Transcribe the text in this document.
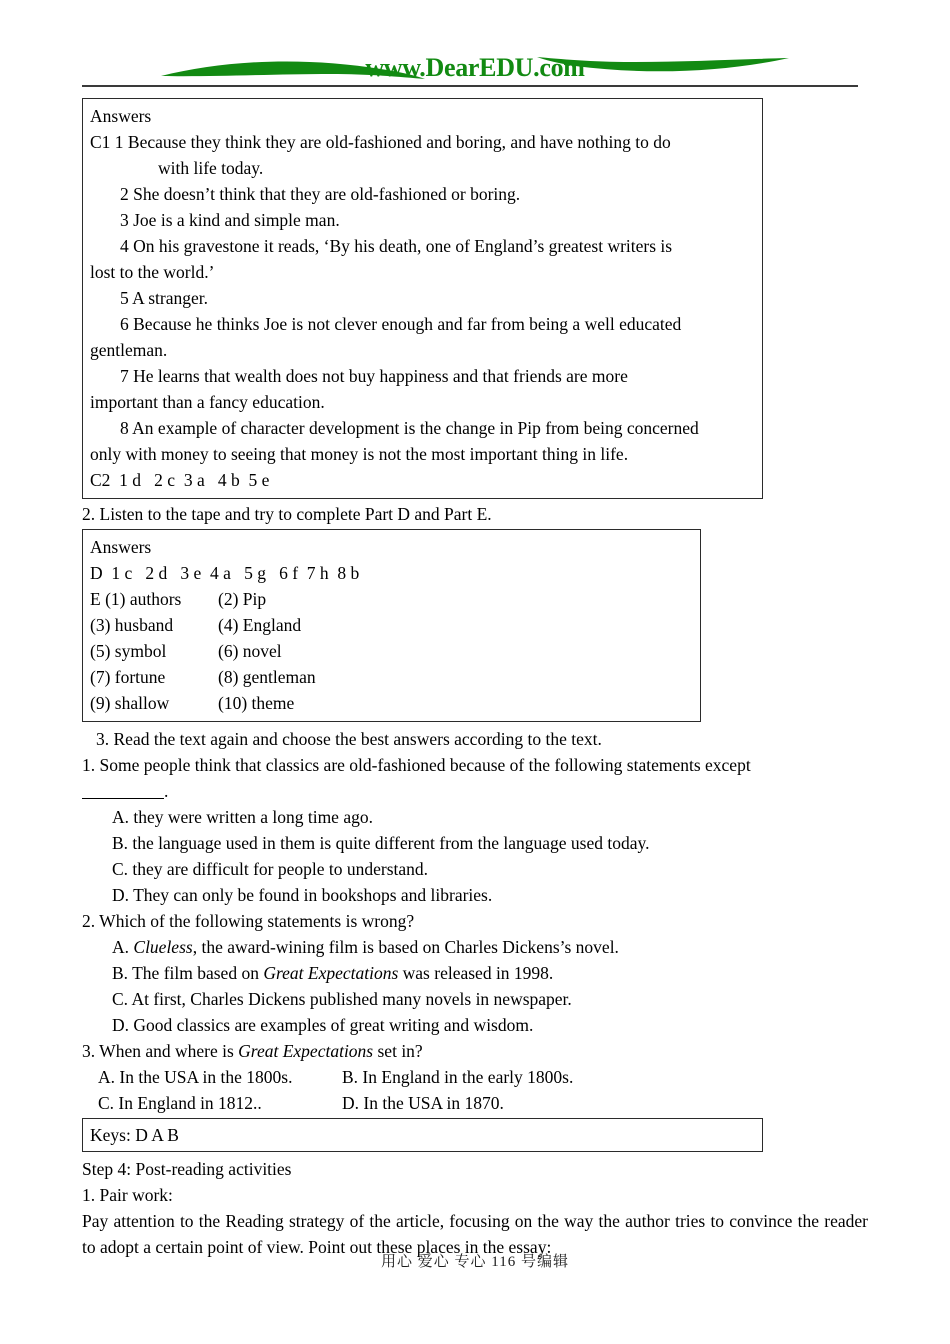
www.DearEDU.com
Answers
C1 1 Because they think they are old-fashioned and boring, and have nothing to do
with life today.
2 She doesn’t think that they are old-fashioned or boring.
3 Joe is a kind and simple man.
4 On his gravestone it reads, ‘By his death, one of England’s greatest writers is
lost to the world.’
5 A stranger.
6 Because he thinks Joe is not clever enough and far from being a well educated
gentleman.
7 He learns that wealth does not buy happiness and that friends are more
important than a fancy education.
8 An example of character development is the change in Pip from being concerned
only with money to seeing that money is not the most important thing in life.
C2  1 d   2 c  3 a   4 b  5 e
2. Listen to the tape and try to complete Part D and Part E.
Answers
D  1 c   2 d   3 e  4 a   5 g   6 f  7 h  8 b
E (1) authors	(2) Pip
(3) husband	(4) England
(5) symbol	(6) novel
(7) fortune	(8) gentleman
(9) shallow	(10) theme
3. Read the text again and choose the best answers according to the text.
1. Some people think that classics are old-fashioned because of the following statements except
.
A. they were written a long time ago.
B. the language used in them is quite different from the language used today.
C. they are difficult for people to understand.
D. They can only be found in bookshops and libraries.
2. Which of the following statements is wrong?
A. Clueless, the award-wining film is based on Charles Dickens’s novel.
B. The film based on Great Expectations was released in 1998.
C. At first, Charles Dickens published many novels in newspaper.
D. Good classics are examples of great writing and wisdom.
3. When and where is Great Expectations set in?
A. In the USA in the 1800s.	B. In England in the early 1800s.
C. In England in 1812..	D. In the USA in 1870.
Keys: D A B
Step 4: Post-reading activities
1. Pair work:
Pay attention to the Reading strategy of the article, focusing on the way the author tries to convince the reader to adopt a certain point of view. Point out these places in the essay:
用心 爱心 专心 116 号编辑
